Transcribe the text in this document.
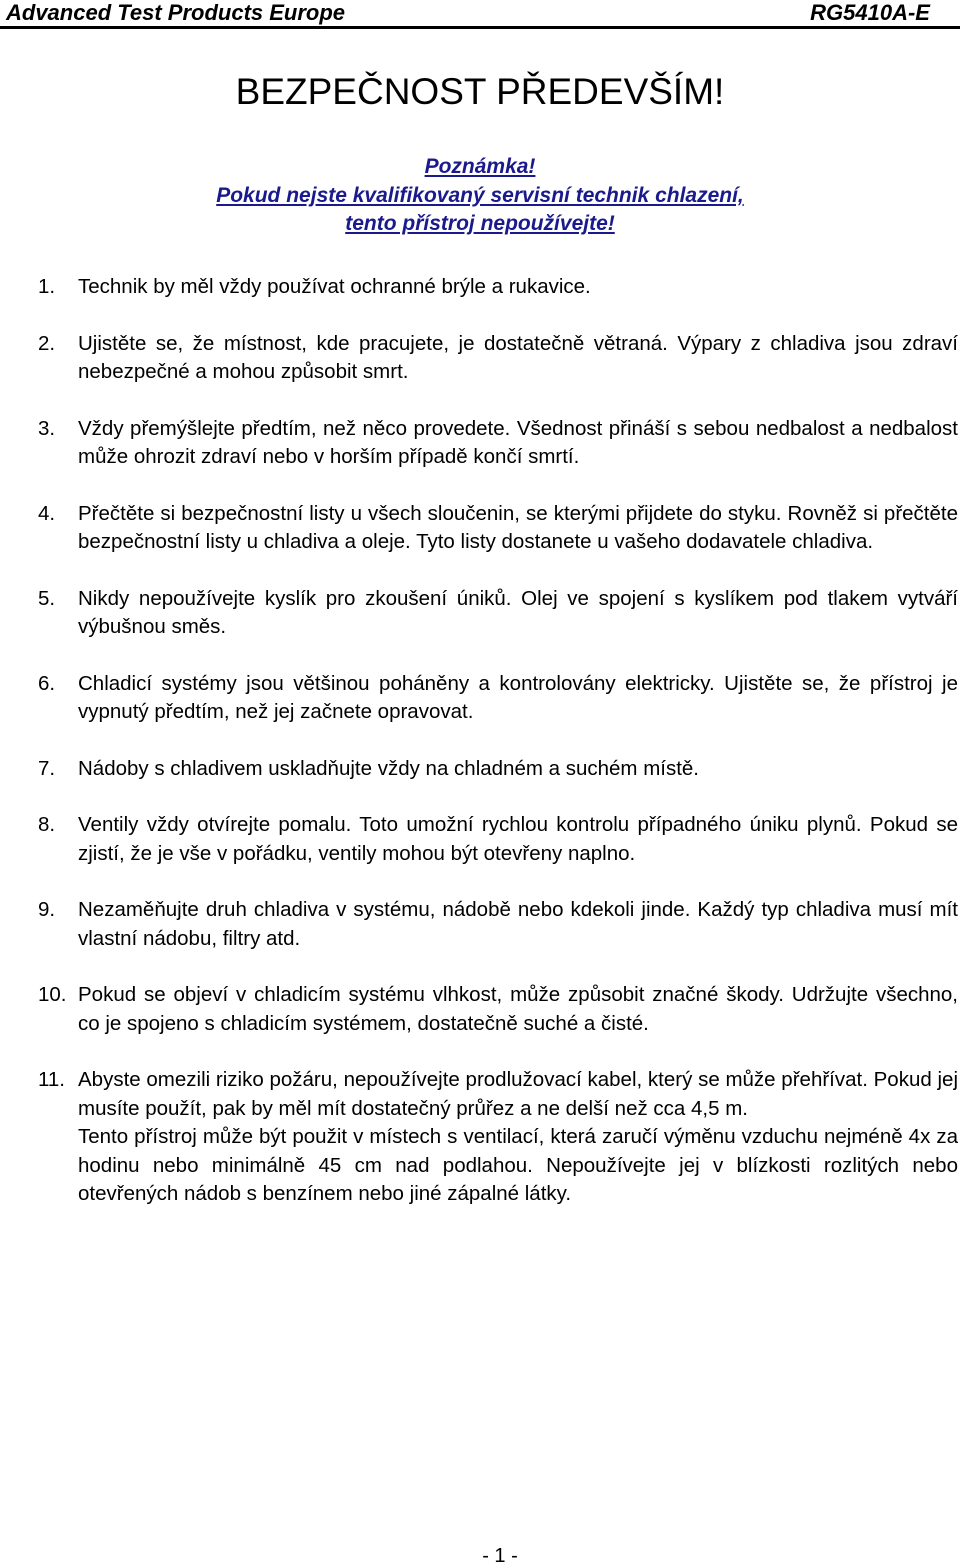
Advanced Test Products Europe	RG5410A-E
BEZPEČNOST PŘEDEVŠÍM!
Poznámka!
Pokud nejste kvalifikovaný servisní technik chlazení,
tento přístroj nepoužívejte!
1. Technik by měl vždy používat ochranné brýle a rukavice.

2. Ujistěte se, že místnost, kde pracujete, je dostatečně větraná. Výpary z chladiva jsou zdraví nebezpečné a mohou způsobit smrt.

3. Vždy přemýšlejte předtím, než něco provedete. Všednost přináší s sebou nedbalost a nedbalost může ohrozit zdraví nebo v horším případě končí smrtí.

4. Přečtěte si bezpečnostní listy u všech sloučenin, se kterými přijdete do styku. Rovněž si přečtěte bezpečnostní listy u chladiva a oleje. Tyto listy dostanete u vašeho dodavatele chladiva.

5. Nikdy nepoužívejte kyslík pro zkoušení úniků. Olej ve spojení s kyslíkem pod tlakem vytváří výbušnou směs.

6. Chladicí systémy jsou většinou poháněny a kontrolovány elektricky. Ujistěte se, že přístroj je vypnutý předtím, než jej začnete opravovat.

7. Nádoby s chladivem uskladňujte vždy na chladném a suchém místě.

8. Ventily vždy otvírejte pomalu. Toto umožní rychlou kontrolu případného úniku plynů. Pokud se zjistí, že je vše v pořádku, ventily mohou být otevřeny naplno.

9. Nezaměňujte druh chladiva v systému, nádobě nebo kdekoli jinde. Každý typ chladiva musí mít vlastní nádobu, filtry atd.

10. Pokud se objeví v chladicím systému vlhkost, může způsobit značné škody. Udržujte všechno, co je spojeno s chladicím systémem, dostatečně suché a čisté.

11. Abyste omezili riziko požáru, nepoužívejte prodlužovací kabel, který se může přehřívat. Pokud jej musíte použít, pak by měl mít dostatečný průřez a ne delší než cca 4,5 m.

Tento přístroj může být použit v místech s ventilací, která zaručí výměnu vzduchu nejméně 4x za hodinu nebo minimálně 45 cm nad podlahou. Nepoužívejte jej v blízkosti rozlitých nebo otevřených nádob s benzínem nebo jiné zápalné látky.

- 1 -
